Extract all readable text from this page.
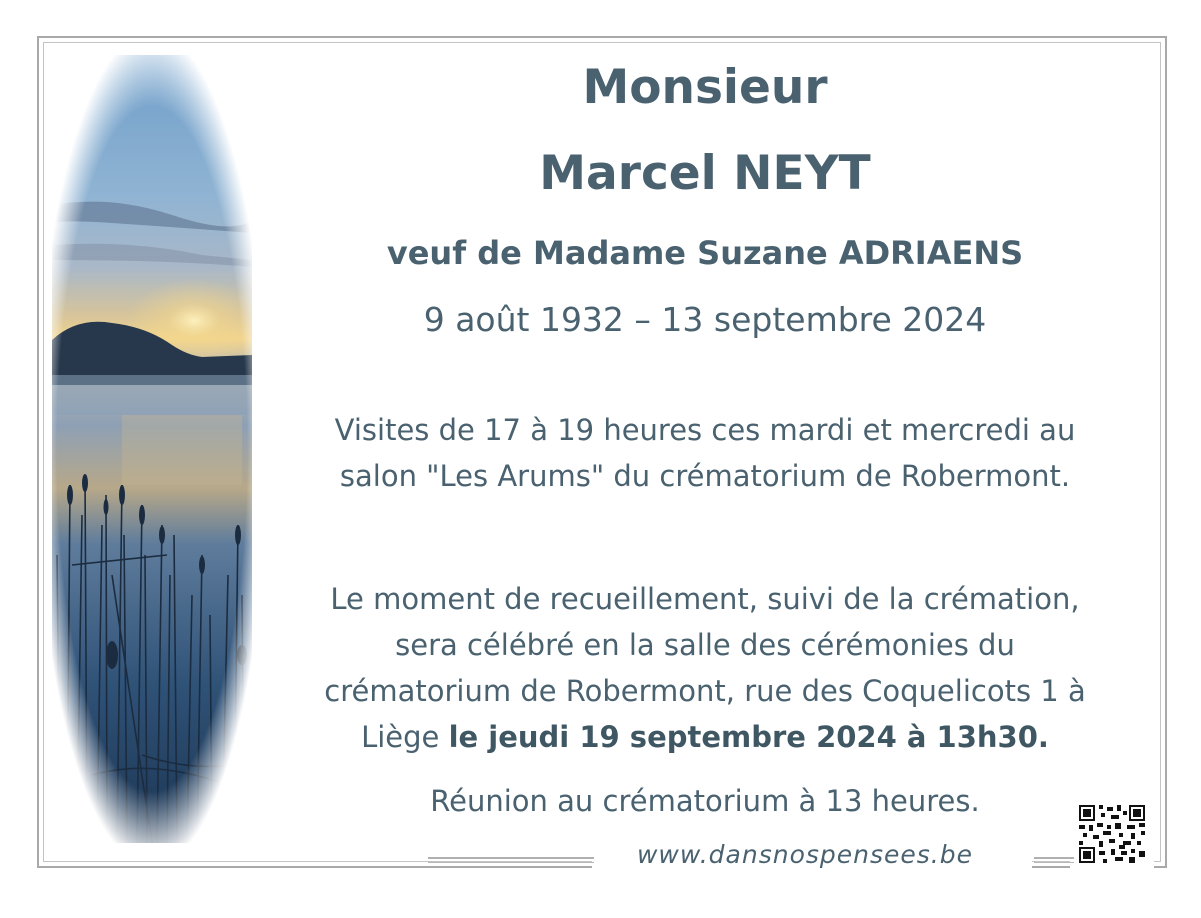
Monsieur
Marcel NEYT
veuf de Madame Suzane ADRIAENS
9 août 1932 – 13 septembre 2024
Visites de 17 à 19 heures ces mardi et mercredi au
salon "Les Arums" du crématorium de Robermont.
Le moment de recueillement, suivi de la crémation,
sera célébré en la salle des cérémonies du
crématorium de Robermont, rue des Coquelicots 1 à
Liège le jeudi 19 septembre 2024 à 13h30.
Réunion au crématorium à 13 heures.
www.dansnospensees.be
